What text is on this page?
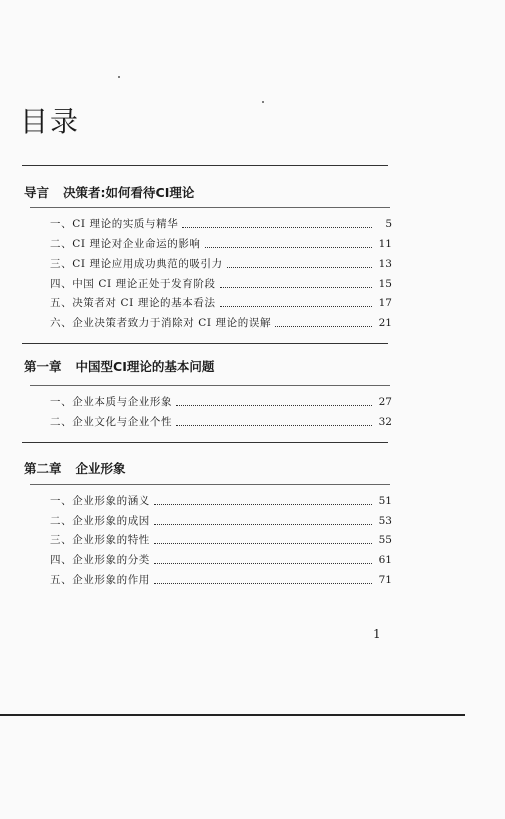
目录
导言 决策者:如何看待CI理论
一、CI 理论的实质与精华	5
二、CI 理论对企业命运的影响	11
三、CI 理论应用成功典范的吸引力	13
四、中国 CI 理论正处于发育阶段	15
五、决策者对 CI 理论的基本看法	17
六、企业决策者致力于消除对 CI 理论的误解	21
第一章 中国型CI理论的基本问题
一、企业本质与企业形象	27
二、企业文化与企业个性	32
第二章 企业形象
一、企业形象的涵义	51
二、企业形象的成因	53
三、企业形象的特性	55
四、企业形象的分类	61
五、企业形象的作用	71
1
